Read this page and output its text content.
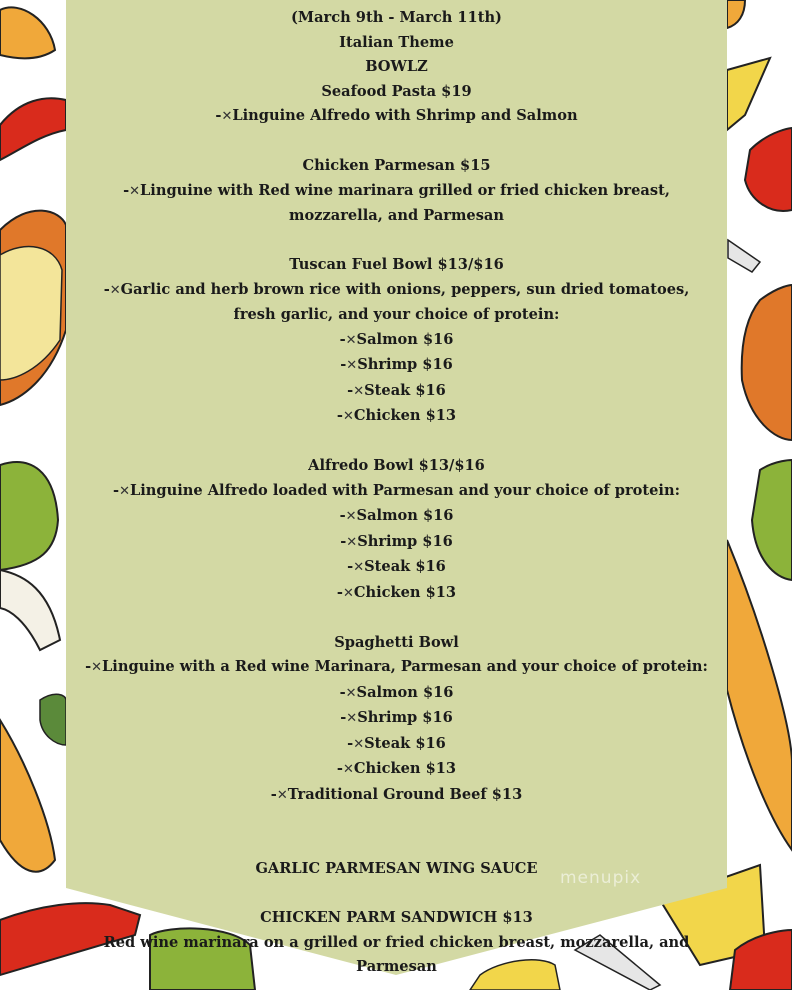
(March 9th - March 11th)
Italian Theme
BOWLZ
Seafood Pasta $19
-✕Linguine Alfredo with Shrimp and Salmon
Chicken Parmesan $15
-✕Linguine with Red wine marinara grilled or fried chicken breast,
mozzarella, and Parmesan
Tuscan Fuel Bowl $13/$16
-✕Garlic and herb brown rice with onions, peppers, sun dried tomatoes,
fresh garlic, and your choice of protein:
-✕Salmon $16
-✕Shrimp $16
-✕Steak $16
-✕Chicken $13
Alfredo Bowl $13/$16
-✕Linguine Alfredo loaded with Parmesan and your choice of protein:
-✕Salmon $16
-✕Shrimp $16
-✕Steak $16
-✕Chicken $13
Spaghetti Bowl
-✕Linguine with a Red wine Marinara, Parmesan and your choice of protein:
-✕Salmon $16
-✕Shrimp $16
-✕Steak $16
-✕Chicken $13
-✕Traditional Ground Beef $13
GARLIC PARMESAN WING SAUCE
CHICKEN PARM SANDWICH $13
Red wine marinara on a grilled or fried chicken breast, mozzarella, and
Parmesan
menupix
